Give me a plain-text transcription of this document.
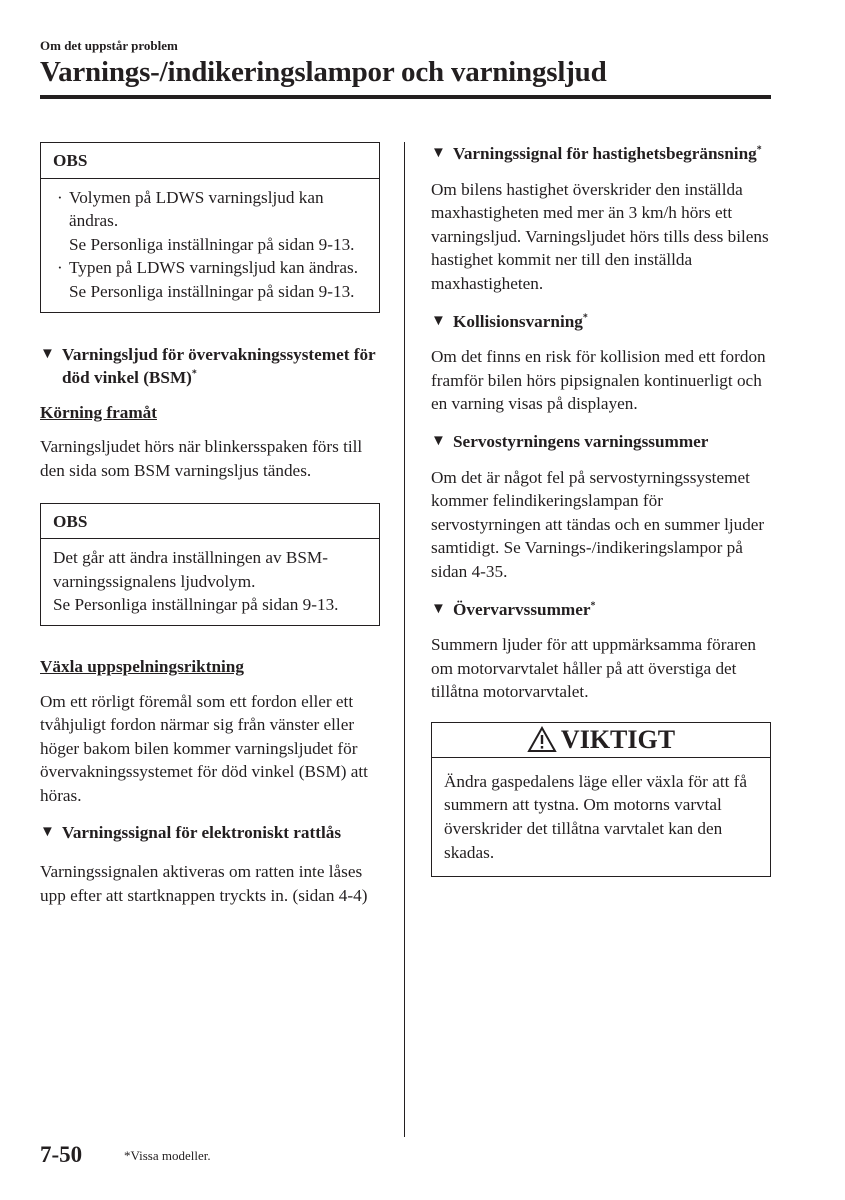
Om det uppstår problem
Varnings-/indikeringslampor och varningsljud
OBS
· Volymen på LDWS varningsljud kan ändras.
Se Personliga inställningar på sidan 9-13.
· Typen på LDWS varningsljud kan ändras.
Se Personliga inställningar på sidan 9-13.
▼ Varningsljud för övervakningssystemet för död vinkel (BSM)*
Körning framåt

Varningsljudet hörs när blinkersspaken förs till den sida som BSM varningsljus tändes.

OBS
Det går att ändra inställningen av BSM-varningssignalens ljudvolym.
Se Personliga inställningar på sidan 9-13.
Växla uppspelningsriktning

Om ett rörligt föremål som ett fordon eller ett tvåhjuligt fordon närmar sig från vänster eller höger bakom bilen kommer varningsljudet för övervakningssystemet för död vinkel (BSM) att höras.

▼ Varningssignal för elektroniskt rattlås

Varningssignalen aktiveras om ratten inte låses upp efter att startknappen tryckts in. (sidan 4-4)

▼ Varningssignal för hastighetsbegränsning*

Om bilens hastighet överskrider den inställda maxhastigheten med mer än 3 km/h hörs ett varningsljud. Varningsljudet hörs tills dess bilens hastighet kommit ner till den inställda maxhastigheten.

▼ Kollisionsvarning*

Om det finns en risk för kollision med ett fordon framför bilen hörs pipsignalen kontinuerligt och en varning visas på displayen.

▼ Servostyrningens varningssummer

Om det är något fel på servostyrningssystemet kommer felindikeringslampan för servostyrningen att tändas och en summer ljuder samtidigt. Se Varnings-/indikeringslampor på sidan 4-35.

▼ Övervarvssummer*

Summern ljuder för att uppmärksamma föraren om motorvarvtalet håller på att överstiga det tillåtna motorvarvtalet.

VIKTIGT
Ändra gaspedalens läge eller växla för att få summern att tystna. Om motorns varvtal överskrider det tillåtna varvtalet kan den skadas.
7-50	*Vissa modeller.
